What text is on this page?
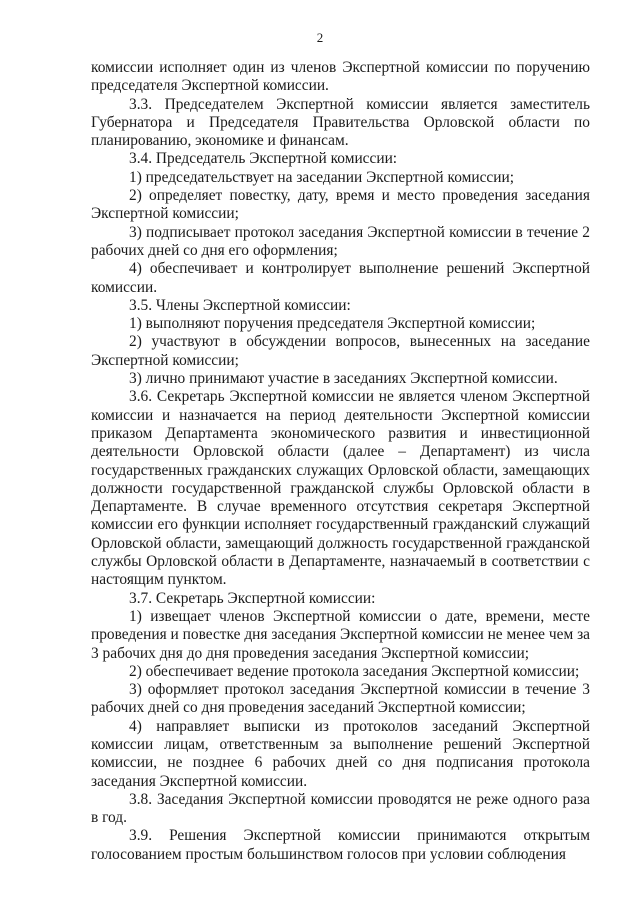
2

комиссии исполняет один из членов Экспертной комиссии по поручению председателя Экспертной комиссии.

3.3. Председателем Экспертной комиссии является заместитель Губернатора и Председателя Правительства Орловской области по планированию, экономике и финансам.

3.4. Председатель Экспертной комиссии:

1) председательствует на заседании Экспертной комиссии;

2) определяет повестку, дату, время и место проведения заседания Экспертной комиссии;

3) подписывает протокол заседания Экспертной комиссии в течение 2 рабочих дней со дня его оформления;

4) обеспечивает и контролирует выполнение решений Экспертной комиссии.

3.5. Члены Экспертной комиссии:

1) выполняют поручения председателя Экспертной комиссии;

2) участвуют в обсуждении вопросов, вынесенных на заседание Экспертной комиссии;

3) лично принимают участие в заседаниях Экспертной комиссии.

3.6. Секретарь Экспертной комиссии не является членом Экспертной комиссии и назначается на период деятельности Экспертной комиссии приказом Департамента экономического развития и инвестиционной деятельности Орловской области (далее – Департамент) из числа государственных гражданских служащих Орловской области, замещающих должности государственной гражданской службы Орловской области в Департаменте. В случае временного отсутствия секретаря Экспертной комиссии его функции исполняет государственный гражданский служащий Орловской области, замещающий должность государственной гражданской службы Орловской области в Департаменте, назначаемый в соответствии с настоящим пунктом.

3.7. Секретарь Экспертной комиссии:

1) извещает членов Экспертной комиссии о дате, времени, месте проведения и повестке дня заседания Экспертной комиссии не менее чем за 3 рабочих дня до дня проведения заседания Экспертной комиссии;

2) обеспечивает ведение протокола заседания Экспертной комиссии;

3) оформляет протокол заседания Экспертной комиссии в течение 3 рабочих дней со дня проведения заседаний Экспертной комиссии;

4) направляет выписки из протоколов заседаний Экспертной комиссии лицам, ответственным за выполнение решений Экспертной комиссии, не позднее 6 рабочих дней со дня подписания протокола заседания Экспертной комиссии.

3.8. Заседания Экспертной комиссии проводятся не реже одного раза в год.

3.9. Решения Экспертной комиссии принимаются открытым голосованием простым большинством голосов при условии соблюдения
